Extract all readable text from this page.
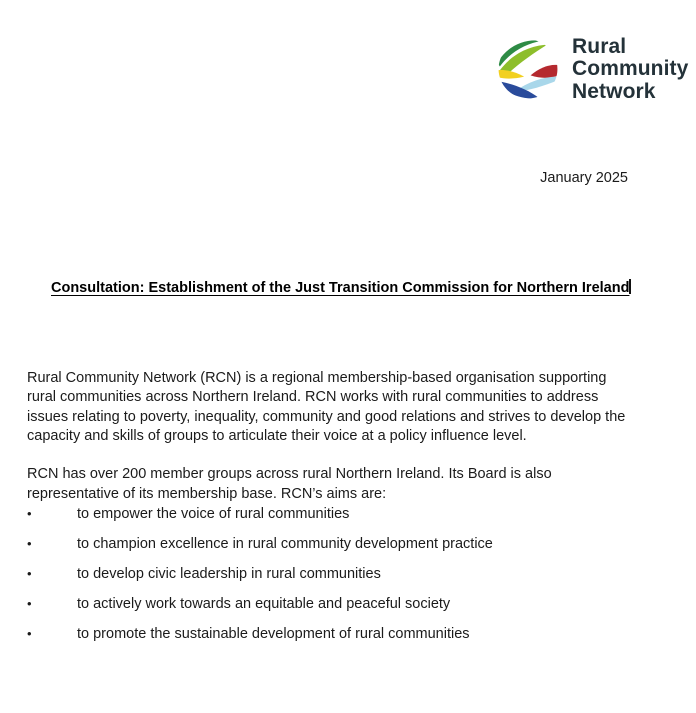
Rural
Community
Network
January 2025
Consultation: Establishment of the Just Transition Commission for Northern Ireland

Rural Community Network (RCN) is a regional membership-based organisation supporting rural communities across Northern Ireland. RCN works with rural communities to address issues relating to poverty, inequality, community and good relations and strives to develop the capacity and skills of groups to articulate their voice at a policy influence level.

RCN has over 200 member groups across rural Northern Ireland. Its Board is also representative of its membership base. RCN’s aims are:

•	to empower the voice of rural communities
•	to champion excellence in rural community development practice
•	to develop civic leadership in rural communities
•	to actively work towards an equitable and peaceful society
•	to promote the sustainable development of rural communities
